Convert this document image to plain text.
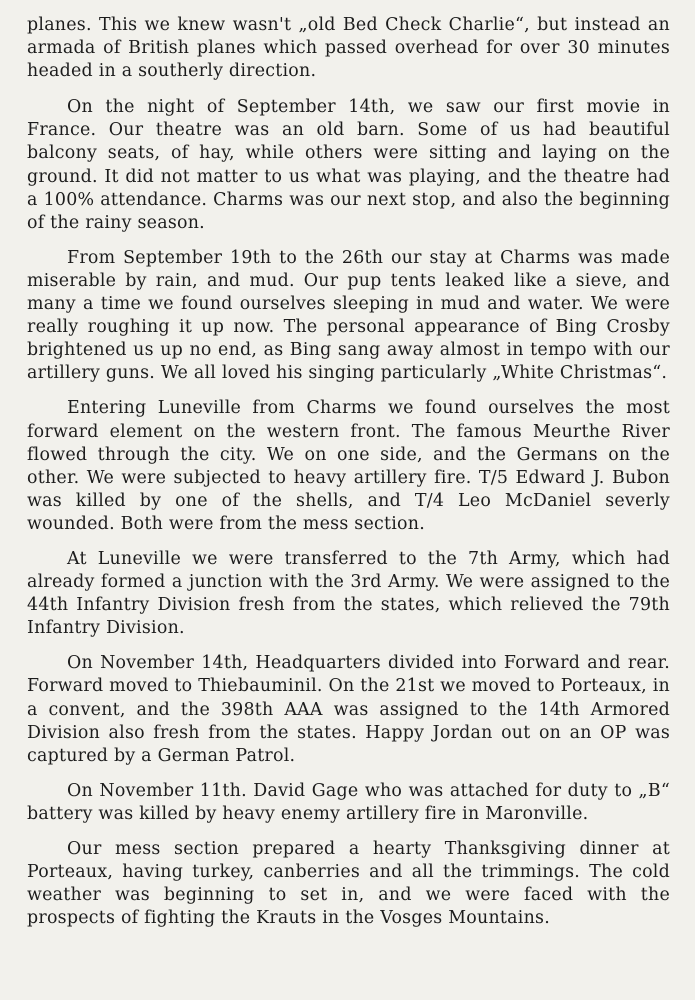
planes. This we knew wasn't „old Bed Check Charlie“, but instead an armada of British planes which passed overhead for over 30 minutes headed in a southerly direction.

On the night of September 14th, we saw our first movie in France. Our theatre was an old barn. Some of us had beautiful balcony seats, of hay, while others were sitting and laying on the ground. It did not matter to us what was playing, and the theatre had a 100% attendance. Charms was our next stop, and also the beginning of the rainy season.

From September 19th to the 26th our stay at Charms was made miserable by rain, and mud. Our pup tents leaked like a sieve, and many a time we found ourselves sleeping in mud and water. We were really roughing it up now. The personal appearance of Bing Crosby brightened us up no end, as Bing sang away almost in tempo with our artillery guns. We all loved his singing particularly „White Christmas“.

Entering Luneville from Charms we found ourselves the most forward element on the western front. The famous Meurthe River flowed through the city. We on one side, and the Germans on the other. We were subjected to heavy artillery fire. T/5 Edward J. Bubon was killed by one of the shells, and T/4 Leo McDaniel severly wounded. Both were from the mess section.

At Luneville we were transferred to the 7th Army, which had already formed a junction with the 3rd Army. We were assigned to the 44th Infantry Division fresh from the states, which relieved the 79th Infantry Division.

On November 14th, Headquarters divided into Forward and rear. Forward moved to Thiebauminil. On the 21st we moved to Porteaux, in a convent, and the 398th AAA was assigned to the 14th Armored Division also fresh from the states. Happy Jordan out on an OP was captured by a German Patrol.

On November 11th. David Gage who was attached for duty to „B“ battery was killed by heavy enemy artillery fire in Maronville.

Our mess section prepared a hearty Thanksgiving dinner at Porteaux, having turkey, canberries and all the trimmings. The cold weather was beginning to set in, and we were faced with the prospects of fighting the Krauts in the Vosges Mountains.
